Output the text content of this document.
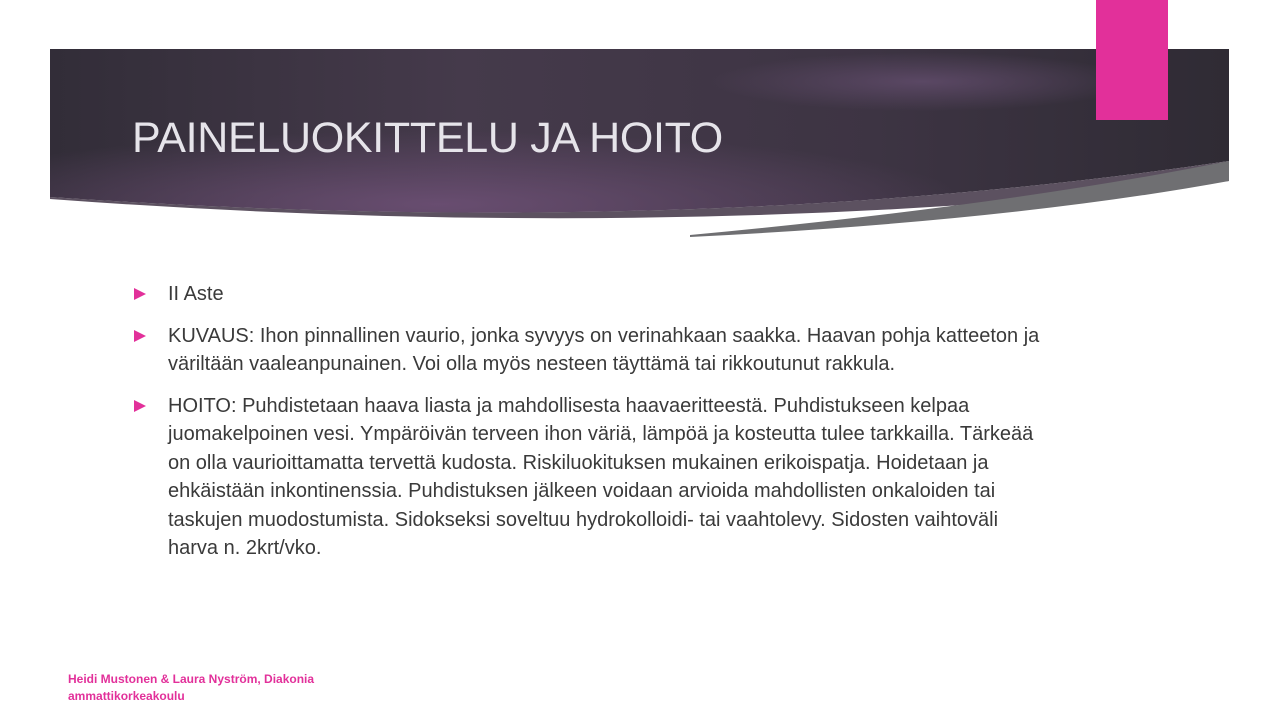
PAINELUOKITTELU JA HOITO
II Aste
KUVAUS: Ihon pinnallinen vaurio, jonka syvyys on verinahkaan saakka. Haavan pohja katteeton ja väriltään vaaleanpunainen. Voi olla myös nesteen täyttämä tai rikkoutunut rakkula.
HOITO: Puhdistetaan haava liasta ja mahdollisesta haavaeritteestä. Puhdistukseen kelpaa juomakelpoinen vesi. Ympäröivän terveen ihon väriä, lämpöä ja kosteutta tulee tarkkailla. Tärkeää on olla vaurioittamatta tervettä kudosta. Riskiluokituksen mukainen erikoispatja. Hoidetaan ja ehkäistään inkontinenssia. Puhdistuksen jälkeen voidaan arvioida mahdollisten onkaloiden tai taskujen muodostumista. Sidokseksi soveltuu hydrokolloidi- tai vaahtolevy. Sidosten vaihtoväli harva n. 2krt/vko.
Heidi Mustonen & Laura Nyström, Diakonia ammattikorkeakoulu
